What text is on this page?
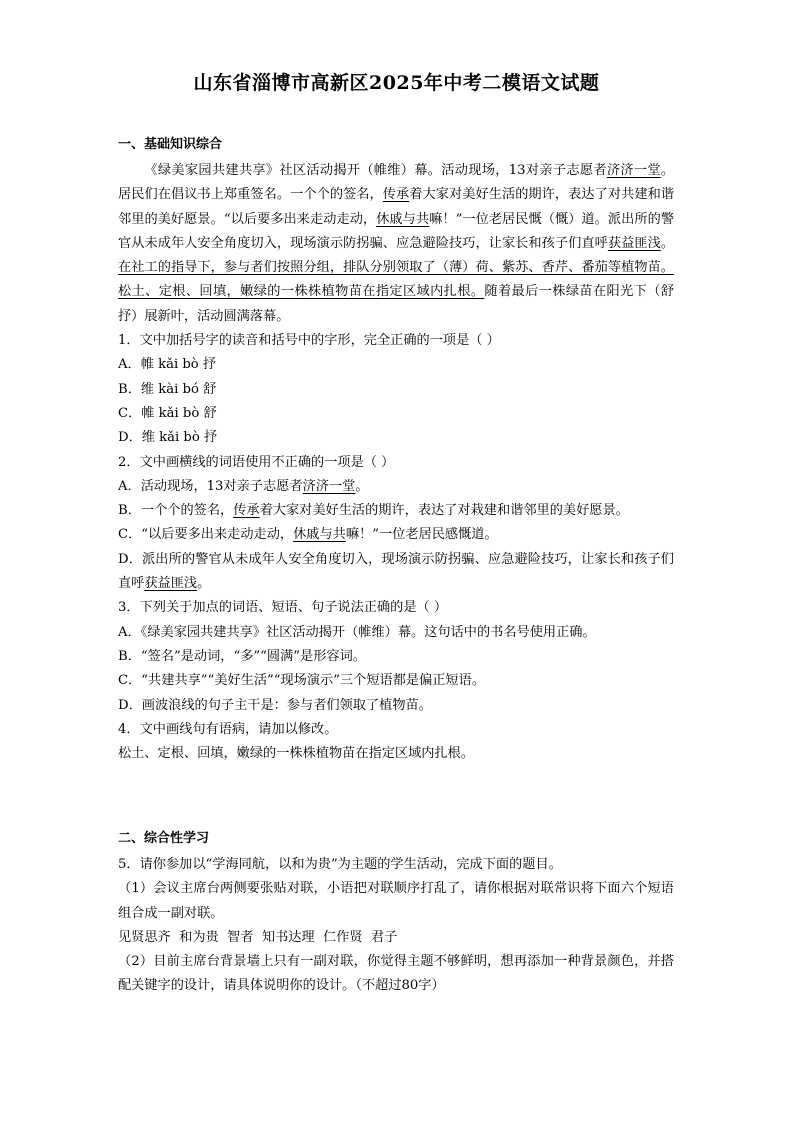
山东省淄博市高新区2025年中考二模语文试题
一、基础知识综合
《绿美家园共建共享》社区活动揭开（帷维）幕。活动现场，13对亲子志愿者济济一堂。居民们在倡议书上郑重签名。一个个的签名，传承着大家对美好生活的期许，表达了对共建和谐邻里的美好愿景。“以后要多出来走动走动，休戚与共嘛！”一位老居民慨（慨）道。派出所的警官从未成年人安全角度切入，现场演示防拐骗、应急避险技巧，让家长和孩子们直呼获益匪浅。在社工的指导下，参与者们按照分组，排队分别领取了（薄）荷、紫苏、香芹、番茄等植物苗。松土、定根、回填，嫩绿的一株株植物苗在指定区域内扎根。随着最后一株绿苗在阳光下（舒抒）展新叶，活动圆满落幕。
1．文中加括号字的读音和括号中的字形，完全正确的一项是（ ）
A．帷 kǎi bò 抒
B．维 kài bó 舒
C．帷 kǎi bò 舒
D．维 kǎi bò 抒
2．文中画横线的词语使用不正确的一项是（ ）
A．活动现场，13对亲子志愿者济济一堂。
B．一个个的签名，传承着大家对美好生活的期许，表达了对栽建和谐邻里的美好愿景。
C．“以后要多出来走动走动，休戚与共嘛！”一位老居民感慨道。
D．派出所的警官从未成年人安全角度切入，现场演示防拐骗、应急避险技巧，让家长和孩子们直呼获益匪浅。
3．下列关于加点的词语、短语、句子说法正确的是（ ）
A．《绿美家园共建共享》社区活动揭开（帷维）幕。这句话中的书名号使用正确。
B．“签名”是动词，“多”“圆满”是形容词。
C．“共建共享”“美好生活”“现场演示”三个短语都是偏正短语。
D．画波浪线的句子主干是：参与者们领取了植物苗。
4．文中画线句有语病，请加以修改。
松土、定根、回填，嫩绿的一株株植物苗在指定区域内扎根。
二、综合性学习
5．请你参加以“学海同航，以和为贵”为主题的学生活动，完成下面的题目。
（1）会议主席台两侧要张贴对联，小语把对联顺序打乱了，请你根据对联常识将下面六个短语组合成一副对联。
见贤思齐  和为贵  智者  知书达理  仁作贤  君子
（2）目前主席台背景墙上只有一副对联，你觉得主题不够鲜明，想再添加一种背景颜色，并搭配关键字的设计，请具体说明你的设计。（不超过80字）
